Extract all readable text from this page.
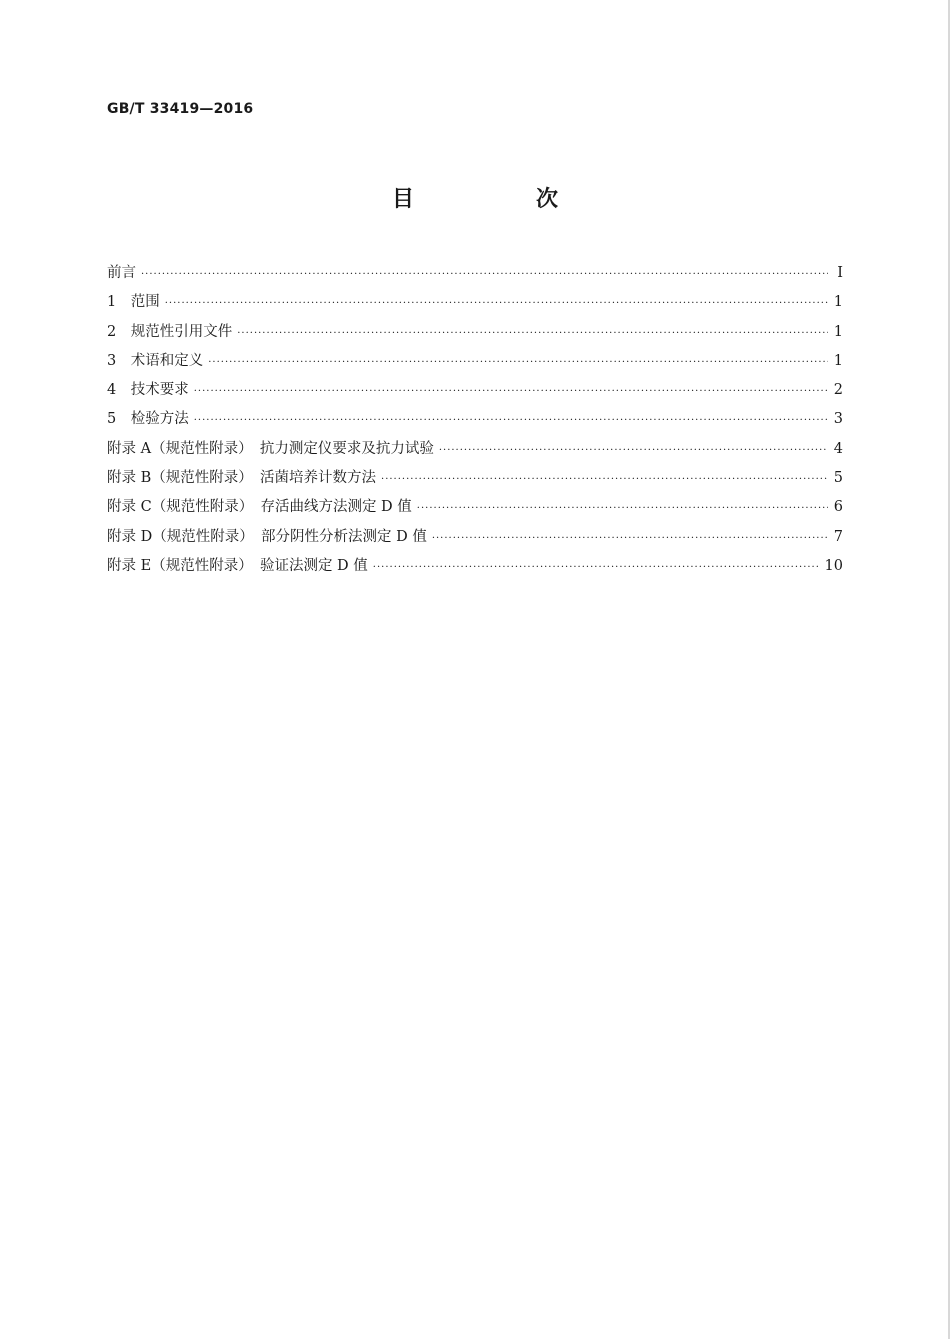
GB/T 33419—2016
目　次
前言 ·····	Ⅰ
1　范围 ·····	1
2　规范性引用文件 ·····	1
3　术语和定义 ·····	1
4　技术要求 ·····	2
5　检验方法 ·····	3
附录 A（规范性附录）　抗力测定仪要求及抗力试验 ·····	4
附录 B（规范性附录）　活菌培养计数方法 ·····	5
附录 C（规范性附录）　存活曲线方法测定 D 值 ·····	6
附录 D（规范性附录）　部分阴性分析法测定 D 值 ·····	7
附录 E（规范性附录）　验证法测定 D 值 ·····	10
